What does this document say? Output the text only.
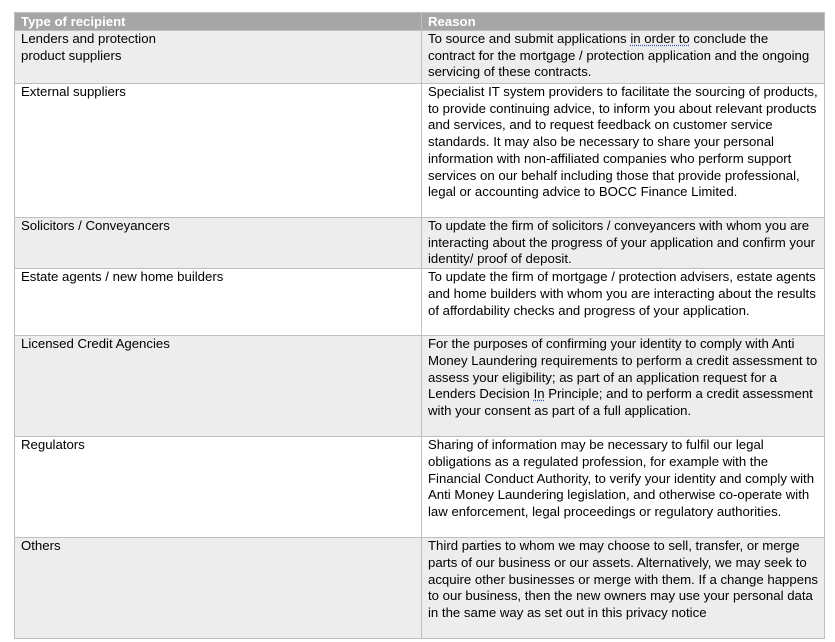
Type of recipient	Reason
Lenders and protection
product suppliers	To source and submit applications in order to conclude the contract for the mortgage / protection application and the ongoing servicing of these contracts.
External suppliers	Specialist IT system providers to facilitate the sourcing of products, to provide continuing advice, to inform you about relevant products and services, and to request feedback on customer service standards. It may also be necessary to share your personal information with non-affiliated companies who perform support services on our behalf including those that provide professional, legal or accounting advice to BOCC Finance Limited.
Solicitors / Conveyancers	To update the firm of solicitors / conveyancers with whom you are interacting about the progress of your application and confirm your identity/ proof of deposit.
Estate agents / new home builders	To update the firm of mortgage / protection advisers, estate agents and home builders with whom you are interacting about the results of affordability checks and progress of your application.
Licensed Credit Agencies	For the purposes of confirming your identity to comply with Anti Money Laundering requirements to perform a credit assessment to assess your eligibility; as part of an application request for a Lenders Decision In Principle; and to perform a credit assessment with your consent as part of a full application.
Regulators	Sharing of information may be necessary to fulfil our legal obligations as a regulated profession, for example with the Financial Conduct Authority, to verify your identity and comply with Anti Money Laundering legislation, and otherwise co-operate with law enforcement, legal proceedings or regulatory authorities.
Others	Third parties to whom we may choose to sell, transfer, or merge parts of our business or our assets. Alternatively, we may seek to acquire other businesses or merge with them. If a change happens to our business, then the new owners may use your personal data in the same way as set out in this privacy notice
